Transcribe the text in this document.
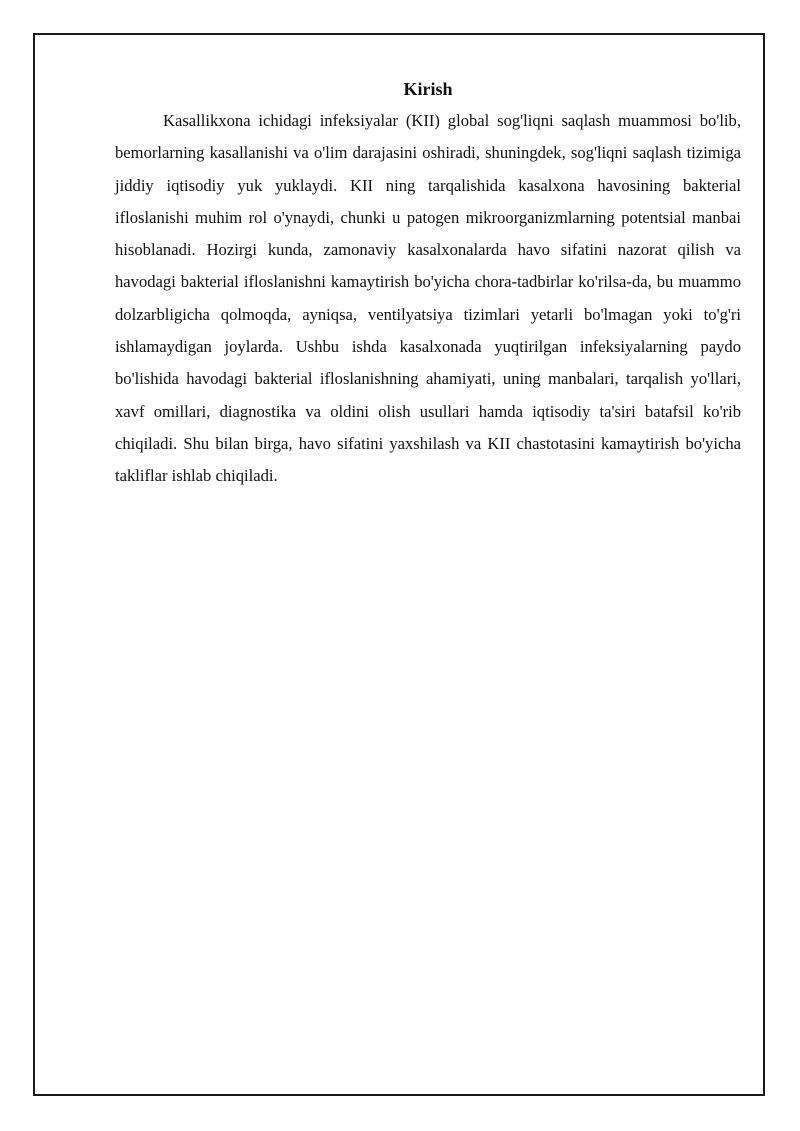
Kirish

Kasallikxona ichidagi infeksiyalar (KII) global sog'liqni saqlash muammosi bo'lib, bemorlarning kasallanishi va o'lim darajasini oshiradi, shuningdek, sog'liqni saqlash tizimiga jiddiy iqtisodiy yuk yuklaydi. KII ning tarqalishida kasalxona havosining bakterial ifloslanishi muhim rol o'ynaydi, chunki u patogen mikroorganizmlarning potentsial manbai hisoblanadi. Hozirgi kunda, zamonaviy kasalxonalarda havo sifatini nazorat qilish va havodagi bakterial ifloslanishni kamaytirish bo'yicha chora-tadbirlar ko'rilsa-da, bu muammo dolzarbligicha qolmoqda, ayniqsa, ventilyatsiya tizimlari yetarli bo'lmagan yoki to'g'ri ishlamaydigan joylarda. Ushbu ishda kasalxonada yuqtirilgan infeksiyalarning paydo bo'lishida havodagi bakterial ifloslanishning ahamiyati, uning manbalari, tarqalish yo'llari, xavf omillari, diagnostika va oldini olish usullari hamda iqtisodiy ta'siri batafsil ko'rib chiqiladi. Shu bilan birga, havo sifatini yaxshilash va KII chastotasini kamaytirish bo'yicha takliflar ishlab chiqiladi.
